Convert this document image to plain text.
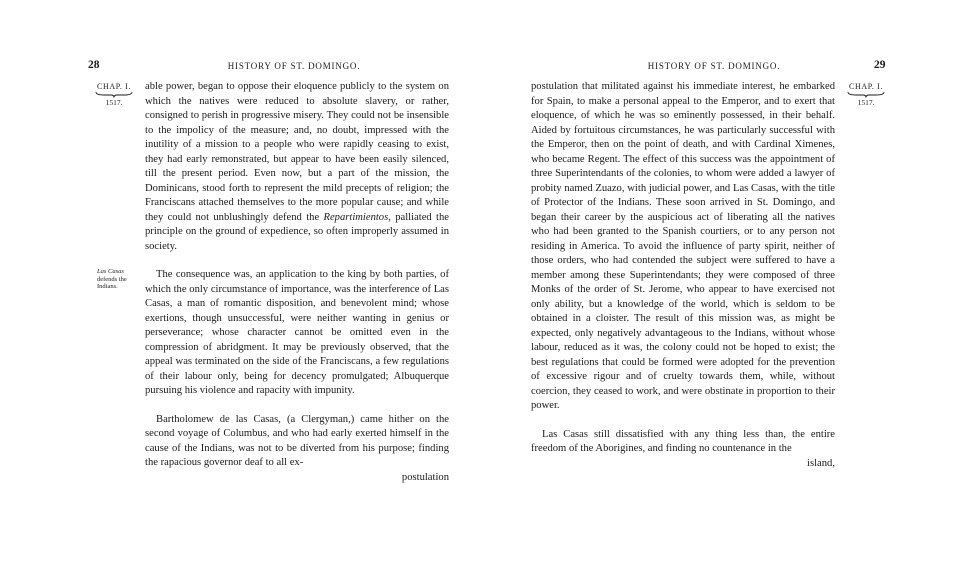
28	HISTORY OF ST. DOMINGO.
CHAP. I.
1517.
Las Casas
defends the
Indians.

able power, began to oppose their eloquence publicly to the system on which the natives were reduced to absolute slavery, or rather, consigned to perish in progressive misery. They could not be insensible to the impolicy of the measure; and, no doubt, impressed with the inutility of a mission to a people who were rapidly ceasing to exist, they had early remonstrated, but appear to have been easily silenced, till the present period. Even now, but a part of the mission, the Dominicans, stood forth to represent the mild precepts of religion; the Franciscans attached themselves to the more popular cause; and while they could not unblushingly defend the Repartimientos, palliated the principle on the ground of expedience, so often improperly assumed in society.

The consequence was, an application to the king by both parties, of which the only circumstance of importance, was the interference of Las Casas, a man of romantic disposition, and benevolent mind; whose exertions, though unsuccessful, were neither wanting in genius or perseverance; whose character cannot be omitted even in the compression of abridgment. It may be previously observed, that the appeal was terminated on the side of the Franciscans, a few regulations of their labour only, being for decency promulgated; Albuquerque pursuing his violence and rapacity with impunity.

Bartholomew de las Casas, (a Clergyman,) came hither on the second voyage of Columbus, and who had early exerted himself in the cause of the Indians, was not to be diverted from his purpose; finding the rapacious governor deaf to all ex-

postulation
HISTORY OF ST. DOMINGO.	29
CHAP. I.
1517.

postulation that militated against his immediate interest, he embarked for Spain, to make a personal appeal to the Emperor, and to exert that eloquence, of which he was so eminently possessed, in their behalf. Aided by fortuitous circumstances, he was particularly successful with the Emperor, then on the point of death, and with Cardinal Ximenes, who became Regent. The effect of this success was the appointment of three Superintendants of the colonies, to whom were added a lawyer of probity named Zuazo, with judicial power, and Las Casas, with the title of Protector of the Indians. These soon arrived in St. Domingo, and began their career by the auspicious act of liberating all the natives who had been granted to the Spanish courtiers, or to any person not residing in America. To avoid the influence of party spirit, neither of those orders, who had contended the subject were suffered to have a member among these Superintendants; they were composed of three Monks of the order of St. Jerome, who appear to have exercised not only ability, but a knowledge of the world, which is seldom to be obtained in a cloister. The result of this mission was, as might be expected, only negatively advantageous to the Indians, without whose labour, reduced as it was, the colony could not be hoped to exist; the best regulations that could be formed were adopted for the prevention of excessive rigour and of cruelty towards them, while, without coercion, they ceased to work, and were obstinate in proportion to their power.

Las Casas still dissatisfied with any thing less than, the entire freedom of the Aborigines, and finding no countenance in the

island,
